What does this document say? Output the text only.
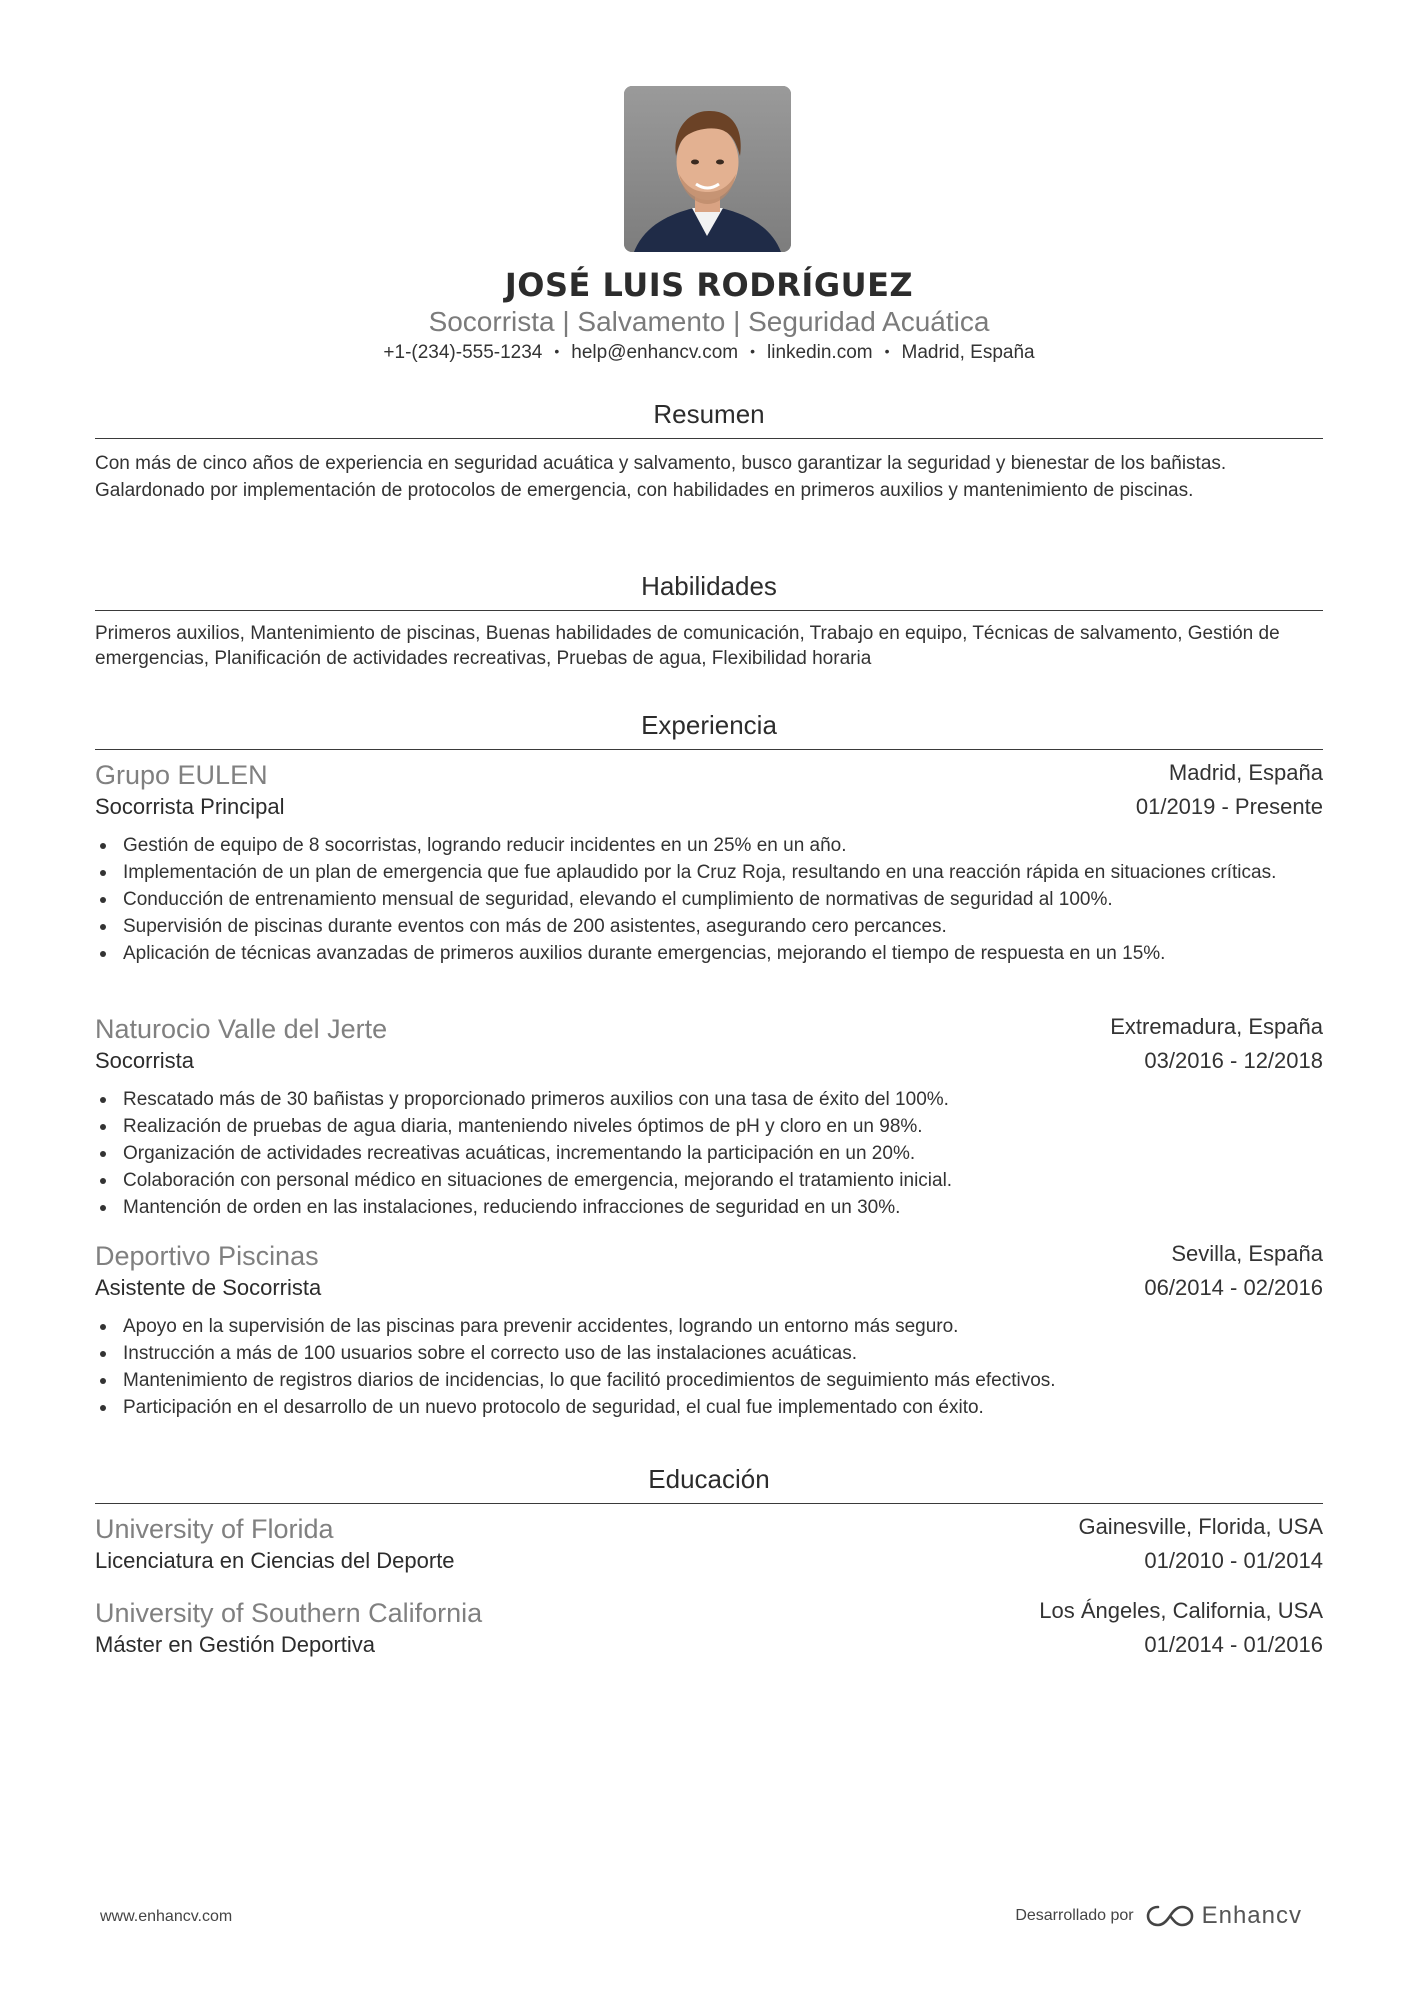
JOSÉ LUIS RODRÍGUEZ
Socorrista | Salvamento | Seguridad Acuática
+1-(234)-555-1234 • help@enhancv.com • linkedin.com • Madrid, España
Resumen
Con más de cinco años de experiencia en seguridad acuática y salvamento, busco garantizar la seguridad y bienestar de los bañistas. Galardonado por implementación de protocolos de emergencia, con habilidades en primeros auxilios y mantenimiento de piscinas.
Habilidades
Primeros auxilios, Mantenimiento de piscinas, Buenas habilidades de comunicación, Trabajo en equipo, Técnicas de salvamento, Gestión de emergencias, Planificación de actividades recreativas, Pruebas de agua, Flexibilidad horaria
Experiencia
Grupo EULEN	Madrid, España
Socorrista Principal	01/2019 - Presente
Gestión de equipo de 8 socorristas, logrando reducir incidentes en un 25% en un año.
Implementación de un plan de emergencia que fue aplaudido por la Cruz Roja, resultando en una reacción rápida en situaciones críticas.
Conducción de entrenamiento mensual de seguridad, elevando el cumplimiento de normativas de seguridad al 100%.
Supervisión de piscinas durante eventos con más de 200 asistentes, asegurando cero percances.
Aplicación de técnicas avanzadas de primeros auxilios durante emergencias, mejorando el tiempo de respuesta en un 15%.
Naturocio Valle del Jerte	Extremadura, España
Socorrista	03/2016 - 12/2018
Rescatado más de 30 bañistas y proporcionado primeros auxilios con una tasa de éxito del 100%.
Realización de pruebas de agua diaria, manteniendo niveles óptimos de pH y cloro en un 98%.
Organización de actividades recreativas acuáticas, incrementando la participación en un 20%.
Colaboración con personal médico en situaciones de emergencia, mejorando el tratamiento inicial.
Mantención de orden en las instalaciones, reduciendo infracciones de seguridad en un 30%.
Deportivo Piscinas	Sevilla, España
Asistente de Socorrista	06/2014 - 02/2016
Apoyo en la supervisión de las piscinas para prevenir accidentes, logrando un entorno más seguro.
Instrucción a más de 100 usuarios sobre el correcto uso de las instalaciones acuáticas.
Mantenimiento de registros diarios de incidencias, lo que facilitó procedimientos de seguimiento más efectivos.
Participación en el desarrollo de un nuevo protocolo de seguridad, el cual fue implementado con éxito.
Educación
University of Florida	Gainesville, Florida, USA
Licenciatura en Ciencias del Deporte	01/2010 - 01/2014
University of Southern California	Los Ángeles, California, USA
Máster en Gestión Deportiva	01/2014 - 01/2016
www.enhancv.com	Desarrollado por	Enhancv
